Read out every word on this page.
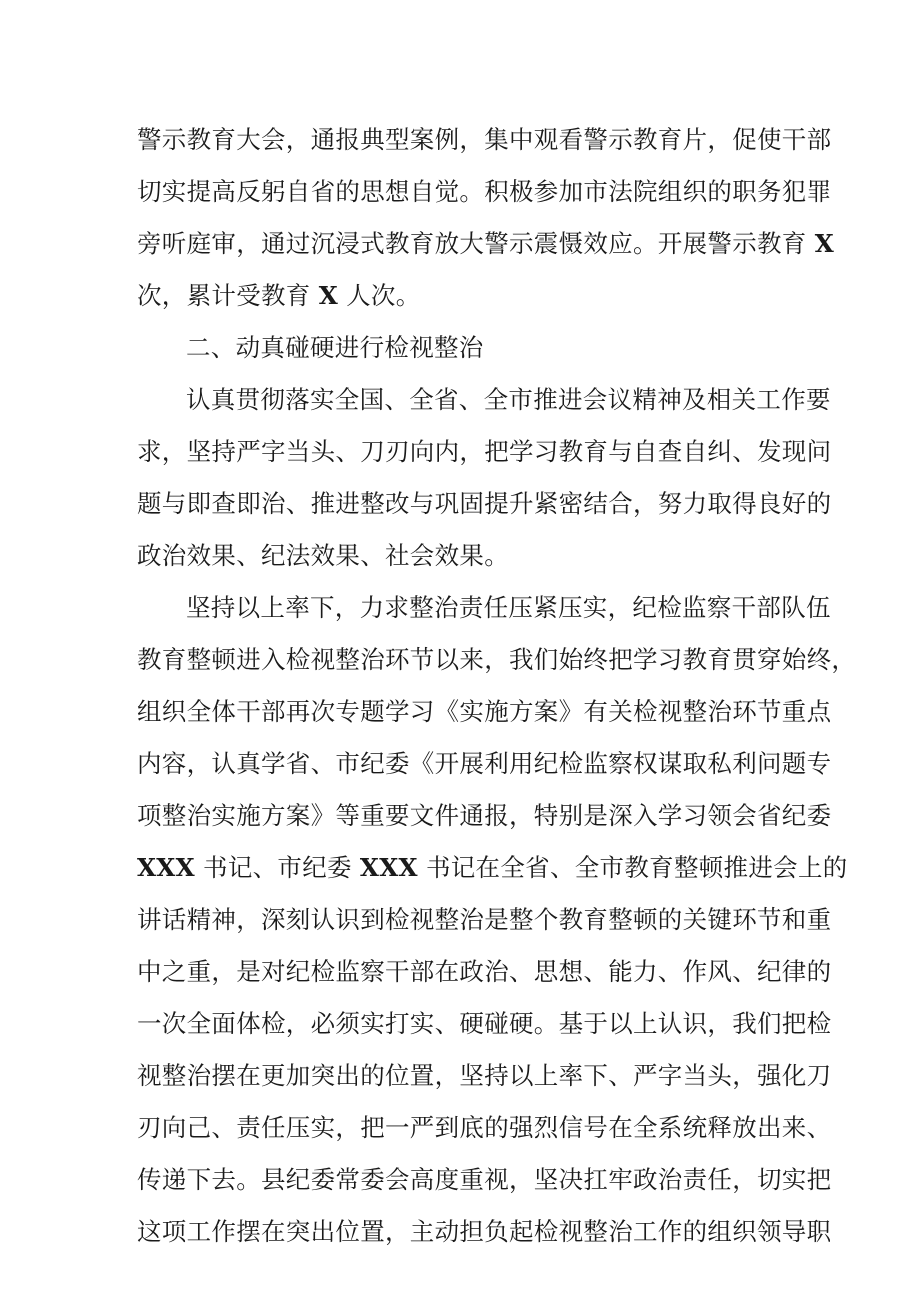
警示教育大会，通报典型案例，集中观看警示教育片，促使干部
切实提高反躬自省的思想自觉。积极参加市法院组织的职务犯罪
旁听庭审，通过沉浸式教育放大警示震慑效应。开展警示教育 X
次，累计受教育 X 人次。
二、动真碰硬进行检视整治
认真贯彻落实全国、全省、全市推进会议精神及相关工作要
求，坚持严字当头、刀刃向内，把学习教育与自查自纠、发现问
题与即查即治、推进整改与巩固提升紧密结合，努力取得良好的
政治效果、纪法效果、社会效果。
坚持以上率下，力求整治责任压紧压实，纪检监察干部队伍
教育整顿进入检视整治环节以来，我们始终把学习教育贯穿始终，
组织全体干部再次专题学习《实施方案》有关检视整治环节重点
内容，认真学省、市纪委《开展利用纪检监察权谋取私利问题专
项整治实施方案》等重要文件通报，特别是深入学习领会省纪委
XXX 书记、市纪委 XXX 书记在全省、全市教育整顿推进会上的
讲话精神，深刻认识到检视整治是整个教育整顿的关键环节和重
中之重，是对纪检监察干部在政治、思想、能力、作风、纪律的
一次全面体检，必须实打实、硬碰硬。基于以上认识，我们把检
视整治摆在更加突出的位置，坚持以上率下、严字当头，强化刀
刃向己、责任压实，把一严到底的强烈信号在全系统释放出来、
传递下去。县纪委常委会高度重视，坚决扛牢政治责任，切实把
这项工作摆在突出位置，主动担负起检视整治工作的组织领导职
